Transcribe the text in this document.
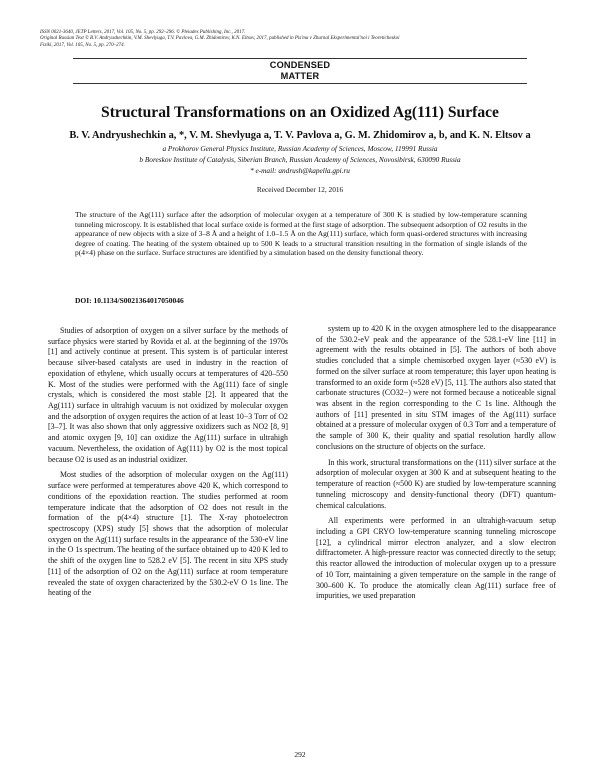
ISSN 0021-3640, JETP Letters, 2017, Vol. 105, No. 5, pp. 292–296. © Pleiades Publishing, Inc., 2017.
Original Russian Text © B.V. Andryushechkin, V.M. Shevlyuga, T.V. Pavlova, G.M. Zhidomirov, K.N. Eltsov, 2017, published in Pis'ma v Zhurnal Eksperimental'noi i Teoreticheskoi
Fiziki, 2017, Vol. 105, No. 5, pp. 270–274.
CONDENSED
MATTER
Structural Transformations on an Oxidized Ag(111) Surface
B. V. Andryushechkin a, *, V. M. Shevlyuga a, T. V. Pavlova a, G. M. Zhidomirov a, b, and K. N. Eltsov a
a Prokhorov General Physics Institute, Russian Academy of Sciences, Moscow, 119991 Russia
b Boreskov Institute of Catalysis, Siberian Branch, Russian Academy of Sciences, Novosibirsk, 630090 Russia
* e-mail: andrush@kapella.gpi.ru
Received December 12, 2016
The structure of the Ag(111) surface after the adsorption of molecular oxygen at a temperature of 300 K is studied by low-temperature scanning tunneling microscopy. It is established that local surface oxide is formed at the first stage of adsorption. The subsequent adsorption of O2 results in the appearance of new objects with a size of 3–8 Å and a height of 1.0–1.5 Å on the Ag(111) surface, which form quasi-ordered structures with increasing degree of coating. The heating of the system obtained up to 500 K leads to a structural transition resulting in the formation of single islands of the p(4×4) phase on the surface. Surface structures are identified by a simulation based on the density functional theory.
DOI: 10.1134/S0021364017050046

Studies of adsorption of oxygen on a silver surface by the methods of surface physics were started by Rovida et al. at the beginning of the 1970s [1] and actively continue at present. This system is of particular interest because silver-based catalysts are used in industry in the reaction of epoxidation of ethylene, which usually occurs at temperatures of 420–550 K. Most of the studies were performed with the Ag(111) face of single crystals, which is considered the most stable [2]. It appeared that the Ag(111) surface in ultrahigh vacuum is not oxidized by molecular oxygen and the adsorption of oxygen requires the action of at least 10−3 Torr of O2 [3–7]. It was also shown that only aggressive oxidizers such as NO2 [8, 9] and atomic oxygen [9, 10] can oxidize the Ag(111) surface in ultrahigh vacuum. Nevertheless, the oxidation of Ag(111) by O2 is the most topical because O2 is used as an industrial oxidizer.

Most studies of the adsorption of molecular oxygen on the Ag(111) surface were performed at temperatures above 420 K, which correspond to conditions of the epoxidation reaction. The studies performed at room temperature indicate that the adsorption of O2 does not result in the formation of the p(4×4) structure [1]. The X-ray photoelectron spectroscopy (XPS) study [5] shows that the adsorption of molecular oxygen on the Ag(111) surface results in the appearance of the 530-eV line in the O 1s spectrum. The heating of the surface obtained up to 420 K led to the shift of the oxygen line to 528.2 eV [5]. The recent in situ XPS study [11] of the adsorption of O2 on the Ag(111) surface at room temperature revealed the state of oxygen characterized by the 530.2-eV O 1s line. The heating of the

system up to 420 K in the oxygen atmosphere led to the disappearance of the 530.2-eV peak and the appearance of the 528.1-eV line [11] in agreement with the results obtained in [5]. The authors of both above studies concluded that a simple chemisorbed oxygen layer (≈530 eV) is formed on the silver surface at room temperature; this layer upon heating is transformed to an oxide form (≈528 eV) [5, 11]. The authors also stated that carbonate structures (CO32−) were not formed because a noticeable signal was absent in the region corresponding to the C 1s line. Although the authors of [11] presented in situ STM images of the Ag(111) surface obtained at a pressure of molecular oxygen of 0.3 Torr and a temperature of the sample of 300 K, their quality and spatial resolution hardly allow conclusions on the structure of objects on the surface.

In this work, structural transformations on the (111) silver surface at the adsorption of molecular oxygen at 300 K and at subsequent heating to the temperature of reaction (≈500 K) are studied by low-temperature scanning tunneling microscopy and density-functional theory (DFT) quantum-chemical calculations.

All experiments were performed in an ultrahigh-vacuum setup including a GPI CRYO low-temperature scanning tunneling microscope [12], a cylindrical mirror electron analyzer, and a slow electron diffractometer. A high-pressure reactor was connected directly to the setup; this reactor allowed the introduction of molecular oxygen up to a pressure of 10 Torr, maintaining a given temperature on the sample in the range of 300–600 K. To produce the atomically clean Ag(111) surface free of impurities, we used preparation

292
